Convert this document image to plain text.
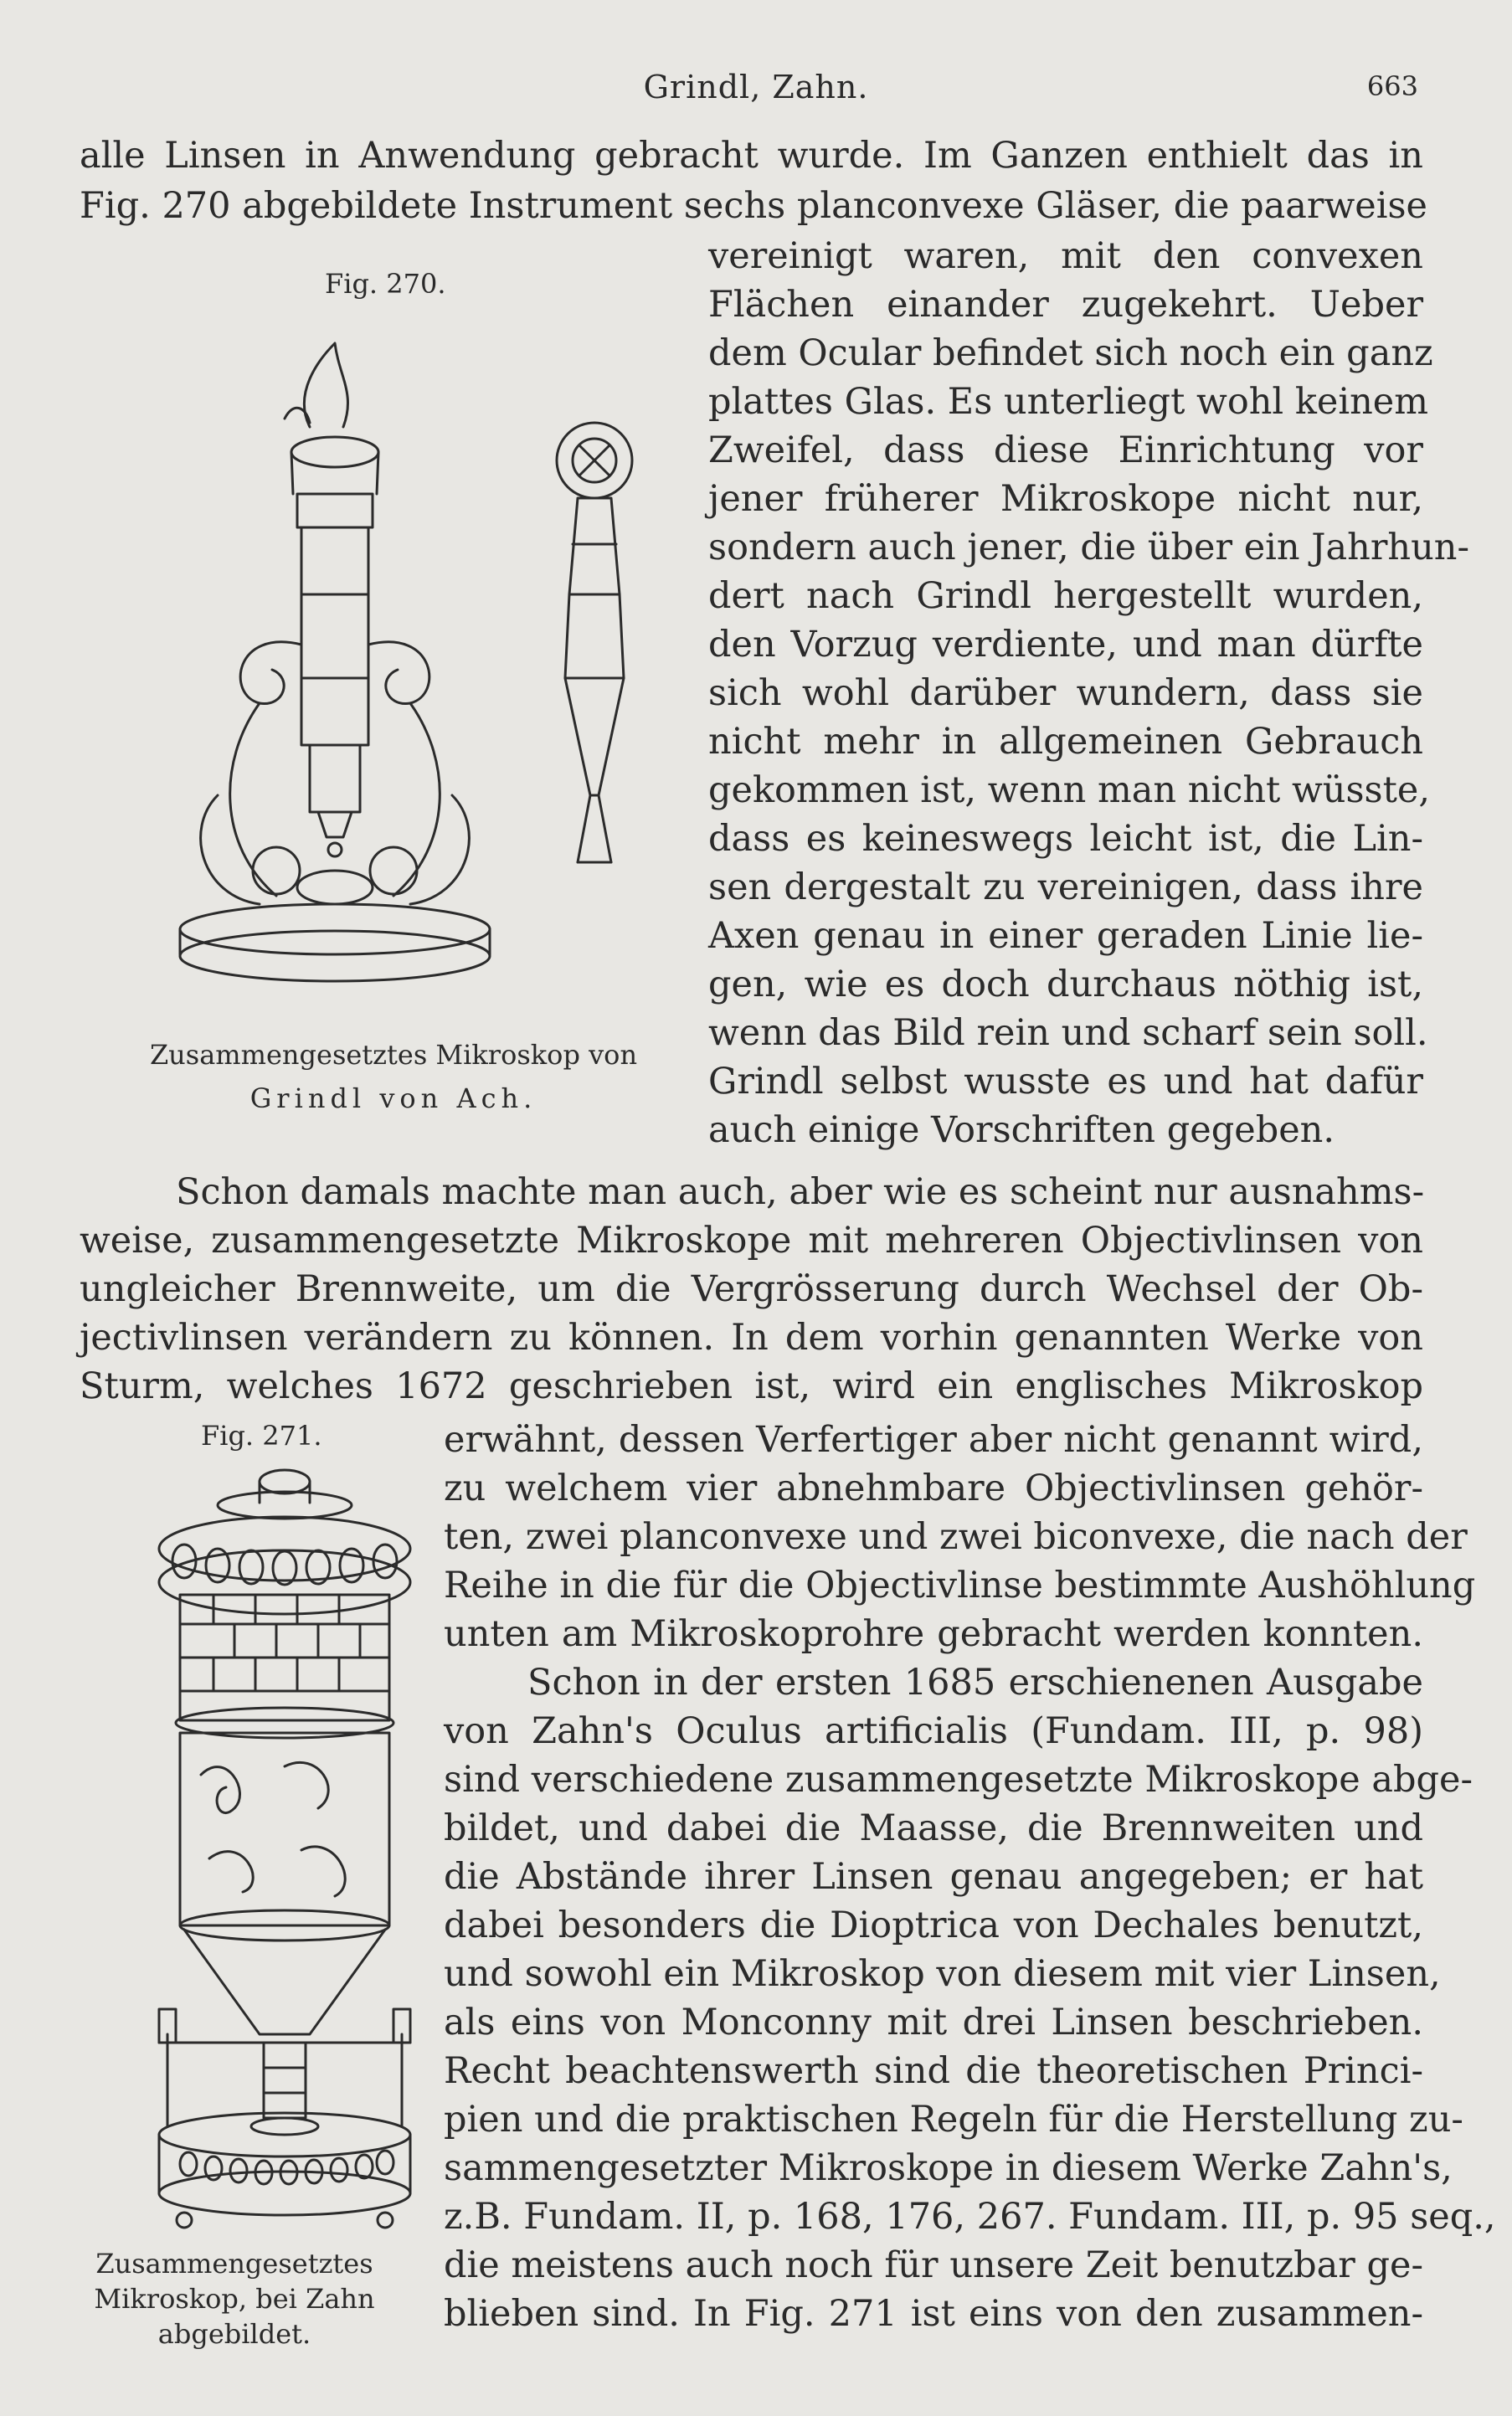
Grindl, Zahn.	663
alle Linsen in Anwendung gebracht wurde. Im Ganzen enthielt das in
Fig. 270 abgebildete Instrument sechs planconvexe Gläser, die paarweise
Fig. 270.
Zusammengesetztes Mikroskop von
Grindl von Ach.
vereinigt waren, mit den convexen
Flächen einander zugekehrt. Ueber
dem Ocular befindet sich noch ein ganz
plattes Glas. Es unterliegt wohl keinem
Zweifel, dass diese Einrichtung vor
jener früherer Mikroskope nicht nur,
sondern auch jener, die über ein Jahrhun-
dert nach Grindl hergestellt wurden,
den Vorzug verdiente, und man dürfte
sich wohl darüber wundern, dass sie
nicht mehr in allgemeinen Gebrauch
gekommen ist, wenn man nicht wüsste,
dass es keineswegs leicht ist, die Lin-
sen dergestalt zu vereinigen, dass ihre
Axen genau in einer geraden Linie lie-
gen, wie es doch durchaus nöthig ist,
wenn das Bild rein und scharf sein soll.
Grindl selbst wusste es und hat dafür
auch einige Vorschriften gegeben.
Schon damals machte man auch, aber wie es scheint nur ausnahms-
weise, zusammengesetzte Mikroskope mit mehreren Objectivlinsen von
ungleicher Brennweite, um die Vergrösserung durch Wechsel der Ob-
jectivlinsen verändern zu können. In dem vorhin genannten Werke von
Sturm, welches 1672 geschrieben ist, wird ein englisches Mikroskop
Fig. 271.
Zusammengesetztes
Mikroskop, bei Zahn
abgebildet.
erwähnt, dessen Verfertiger aber nicht genannt wird,
zu welchem vier abnehmbare Objectivlinsen gehör-
ten, zwei planconvexe und zwei biconvexe, die nach der
Reihe in die für die Objectivlinse bestimmte Aushöhlung
unten am Mikroskoprohre gebracht werden konnten.
Schon in der ersten 1685 erschienenen Ausgabe
von Zahn's Oculus artificialis (Fundam. III, p. 98)
sind verschiedene zusammengesetzte Mikroskope abge-
bildet, und dabei die Maasse, die Brennweiten und
die Abstände ihrer Linsen genau angegeben; er hat
dabei besonders die Dioptrica von Dechales benutzt,
und sowohl ein Mikroskop von diesem mit vier Linsen,
als eins von Monconny mit drei Linsen beschrieben.
Recht beachtenswerth sind die theoretischen Princi-
pien und die praktischen Regeln für die Herstellung zu-
sammengesetzter Mikroskope in diesem Werke Zahn's,
z.B. Fundam. II, p. 168, 176, 267. Fundam. III, p. 95 seq.,
die meistens auch noch für unsere Zeit benutzbar ge-
blieben sind. In Fig. 271 ist eins von den zusammen-
